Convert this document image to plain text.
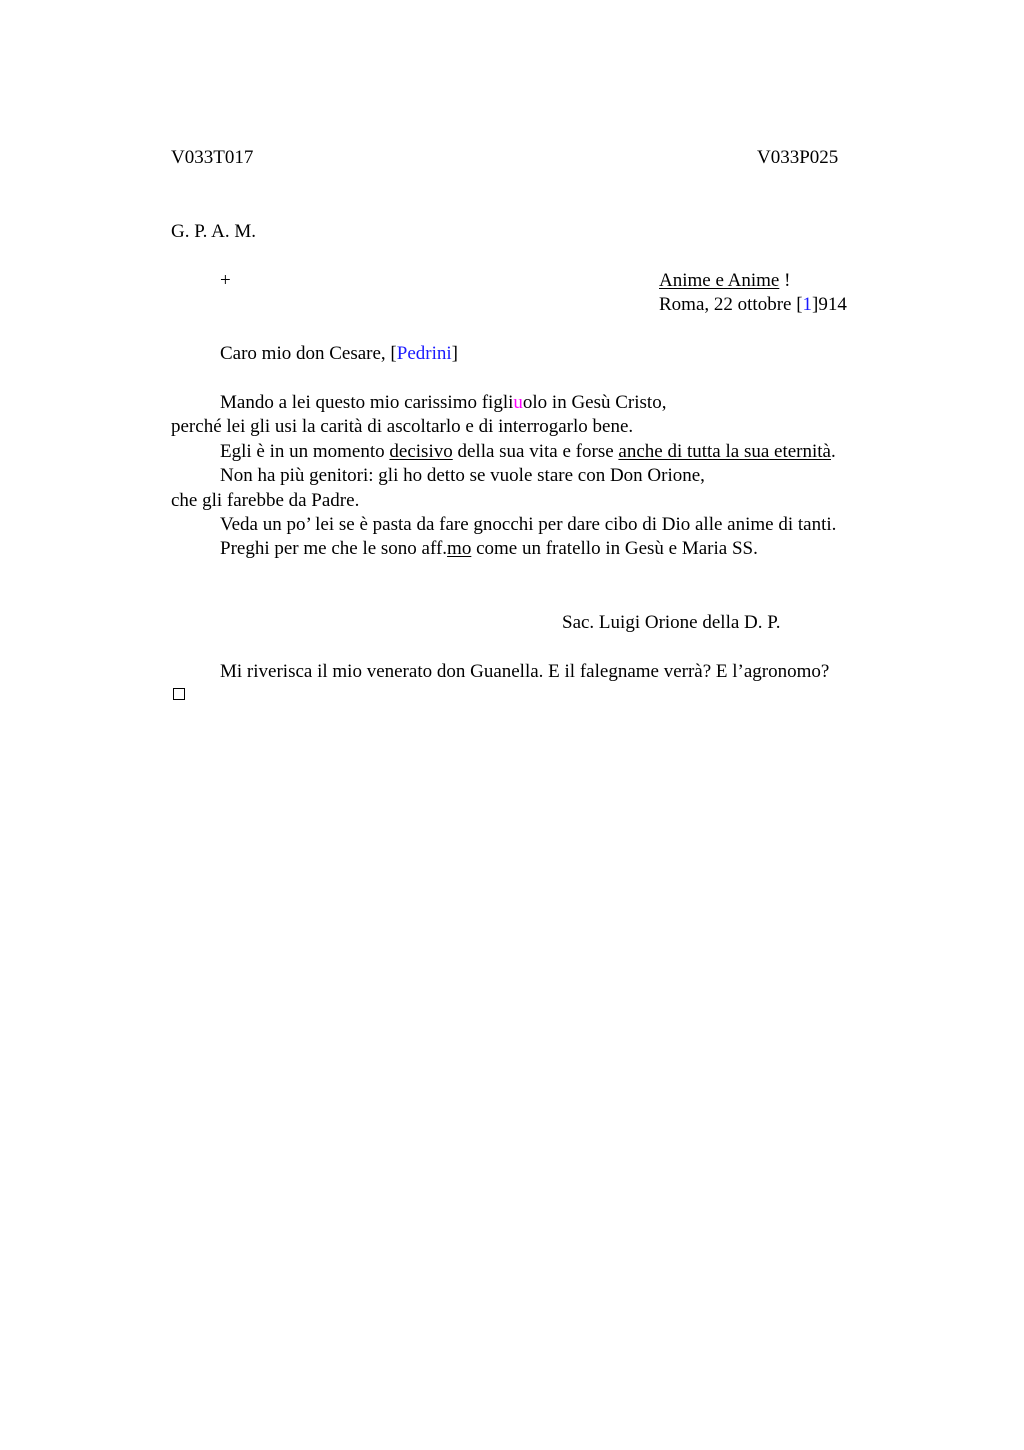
V033T017	V033P025
G. P. A. M.
+	Anime e Anime !
Roma, 22 ottobre [1]914
Caro mio don Cesare, [Pedrini]
Mando a lei questo mio carissimo figliuolo in Gesù Cristo,
perché lei gli usi la carità di ascoltarlo e di interrogarlo bene.
Egli è in un momento decisivo della sua vita e forse anche di tutta la sua eternità.
Non ha più genitori: gli ho detto se vuole stare con Don Orione,
che gli farebbe da Padre.
Veda un po’ lei se è pasta da fare gnocchi per dare cibo di Dio alle anime di tanti.
Preghi per me che le sono aff.mo come un fratello in Gesù e Maria SS.
Sac. Luigi Orione della D. P.
Mi riverisca il mio venerato don Guanella. E il falegname verrà? E l’agronomo?
